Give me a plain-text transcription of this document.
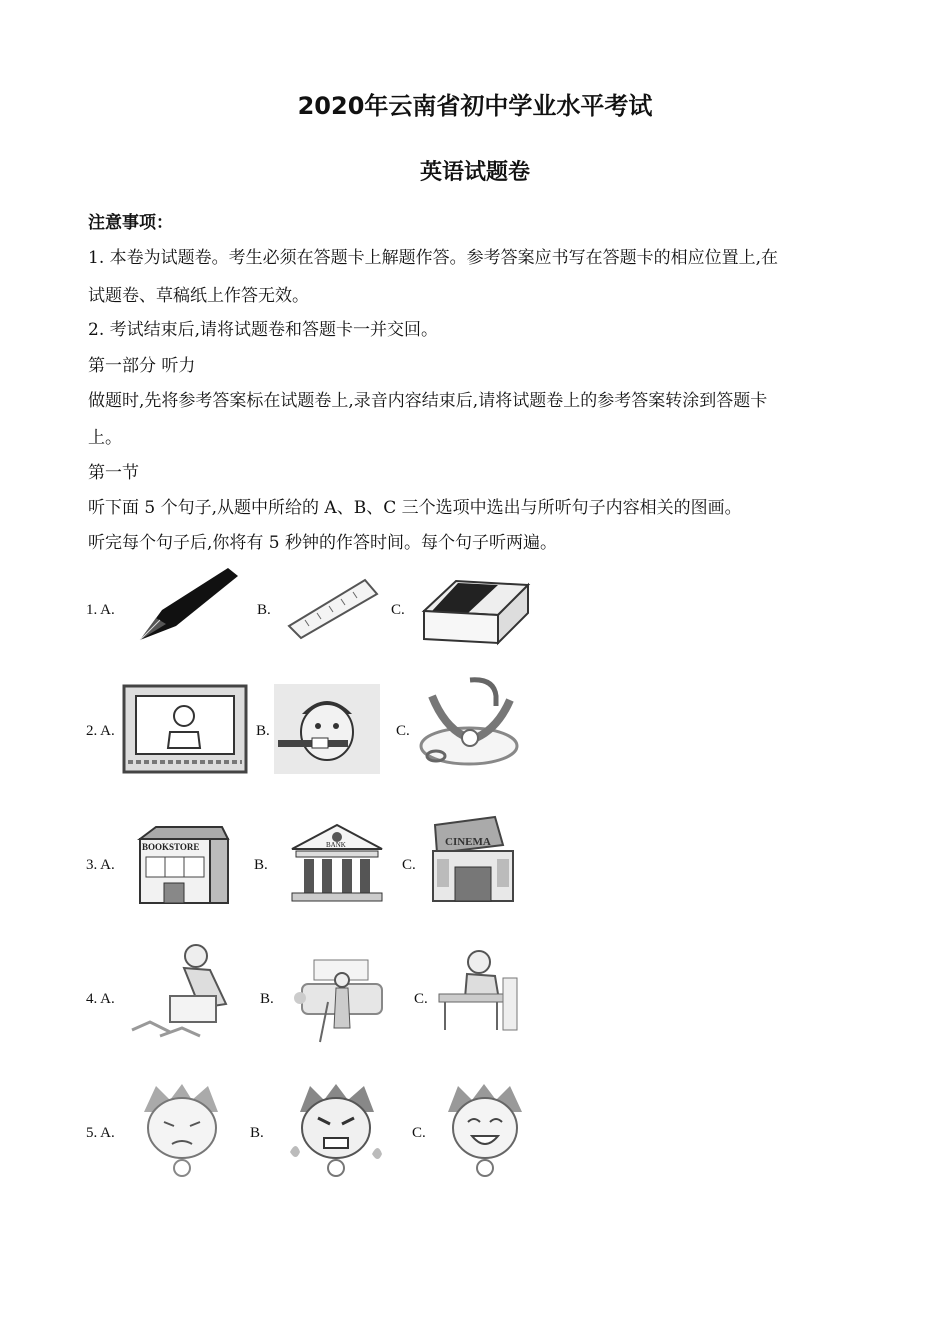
2020年云南省初中学业水平考试
英语试题卷
注意事项：
1. 本卷为试题卷。考生必须在答题卡上解题作答。参考答案应书写在答题卡的相应位置上,在
试题卷、草稿纸上作答无效。
2. 考试结束后,请将试题卷和答题卡一并交回。
第一部分 听力
做题时,先将参考答案标在试题卷上,录音内容结束后,请将试题卷上的参考答案转涂到答题卡
上。
第一节
听下面 5 个句子,从题中所给的 A、B、C 三个选项中选出与所听句子内容相关的图画。
听完每个句子后,你将有 5 秒钟的作答时间。每个句子听两遍。
1. A.	B.	C.
2. A.	B.	C.
3. A.
BOOKSTORE
B.
BANK
C.
CINEMA
4. A.	B.	C.
5. A.	B.	C.
